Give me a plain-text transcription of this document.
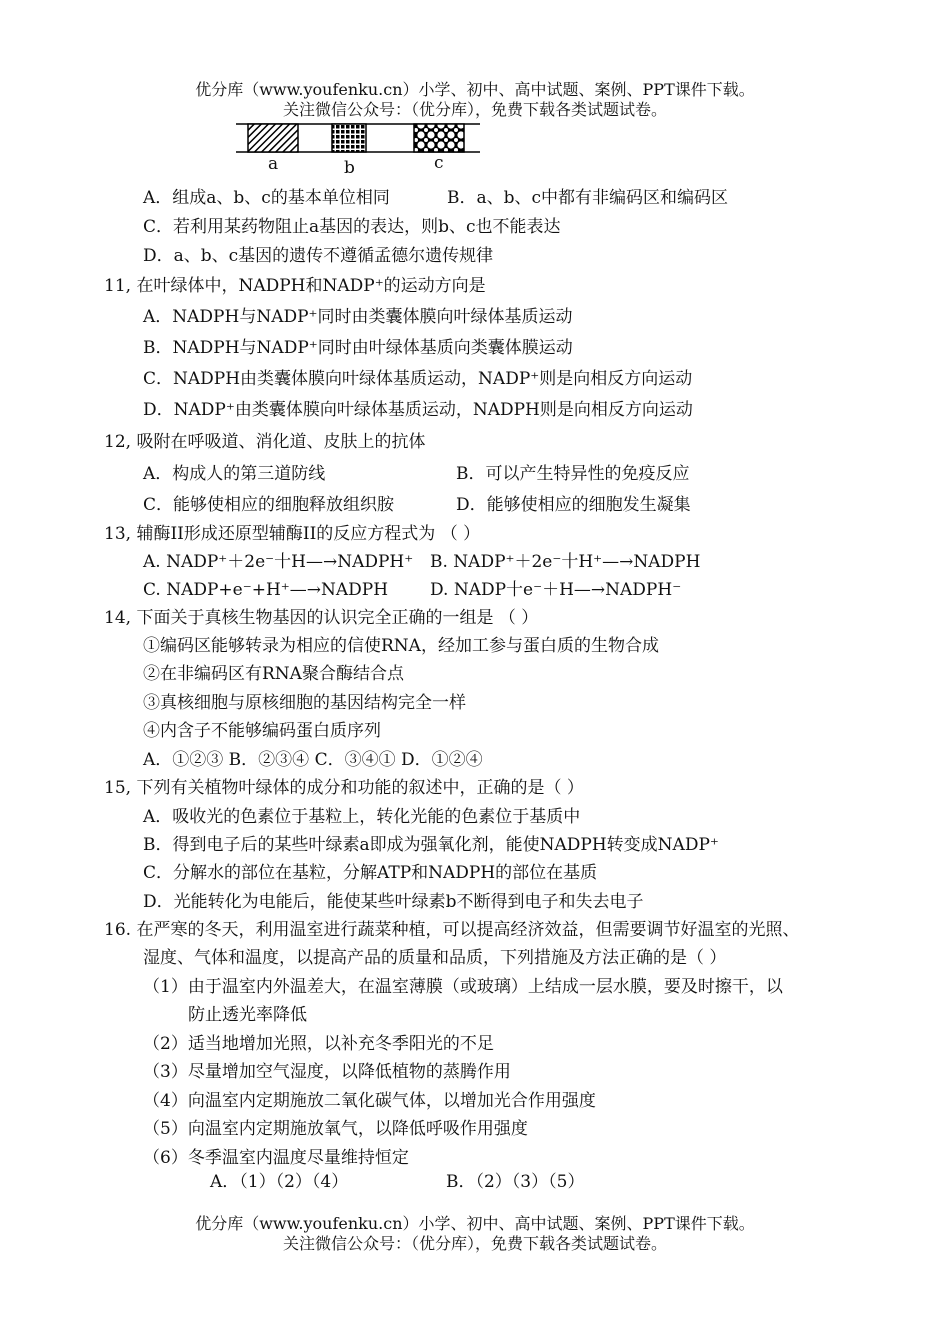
优分库（www.youfenku.cn）小学、初中、高中试题、案例、PPT课件下载。
关注微信公众号：（优分库），免费下载各类试题试卷。
a	b	c
A．组成a、b、c的基本单位相同	B．a、b、c中都有非编码区和编码区
C．若利用某药物阻止a基因的表达，则b、c也不能表达
D．a、b、c基因的遗传不遵循孟德尔遗传规律
11, 在叶绿体中，NADPH和NADP⁺的运动方向是
A．NADPH与NADP⁺同时由类囊体膜向叶绿体基质运动
B．NADPH与NADP⁺同时由叶绿体基质向类囊体膜运动
C．NADPH由类囊体膜向叶绿体基质运动，NADP⁺则是向相反方向运动
D．NADP⁺由类囊体膜向叶绿体基质运动，NADPH则是向相反方向运动
12, 吸附在呼吸道、消化道、皮肤上的抗体
A．构成人的第三道防线	B．可以产生特异性的免疫反应
C．能够使相应的细胞释放组织胺	D．能够使相应的细胞发生凝集
13, 辅酶II形成还原型辅酶II的反应方程式为 （ ）
A. NADP⁺＋2e⁻十H—→NADPH⁺ B. NADP⁺＋2e⁻十H⁺—→NADPH
C. NADP+e⁻+H⁺—→NADPH D. NADP十e⁻＋H—→NADPH⁻
14, 下面关于真核生物基因的认识完全正确的一组是 （ ）
①编码区能够转录为相应的信使RNA，经加工参与蛋白质的生物合成
②在非编码区有RNA聚合酶结合点
③真核细胞与原核细胞的基因结构完全一样
④内含子不能够编码蛋白质序列
A．①②③ B．②③④ C．③④① D．①②④
15, 下列有关植物叶绿体的成分和功能的叙述中，正确的是（ ）
A．吸收光的色素位于基粒上，转化光能的色素位于基质中
B．得到电子后的某些叶绿素a即成为强氧化剂，能使NADPH转变成NADP⁺
C．分解水的部位在基粒，分解ATP和NADPH的部位在基质
D．光能转化为电能后，能使某些叶绿素b不断得到电子和失去电子
16. 在严寒的冬天，利用温室进行蔬菜种植，可以提高经济效益，但需要调节好温室的光照、
湿度、气体和温度，以提高产品的质量和品质，下列措施及方法正确的是（ ）
（1）由于温室内外温差大，在温室薄膜（或玻璃）上结成一层水膜，要及时擦干，以
防止透光率降低
（2）适当地增加光照，以补充冬季阳光的不足
（3）尽量增加空气湿度，以降低植物的蒸腾作用
（4）向温室内定期施放二氧化碳气体，以增加光合作用强度
（5）向温室内定期施放氧气，以降低呼吸作用强度
（6）冬季温室内温度尽量维持恒定
A．（1）（2）（4）	B．（2）（3）（5）
优分库（www.youfenku.cn）小学、初中、高中试题、案例、PPT课件下载。
关注微信公众号：（优分库），免费下载各类试题试卷。
